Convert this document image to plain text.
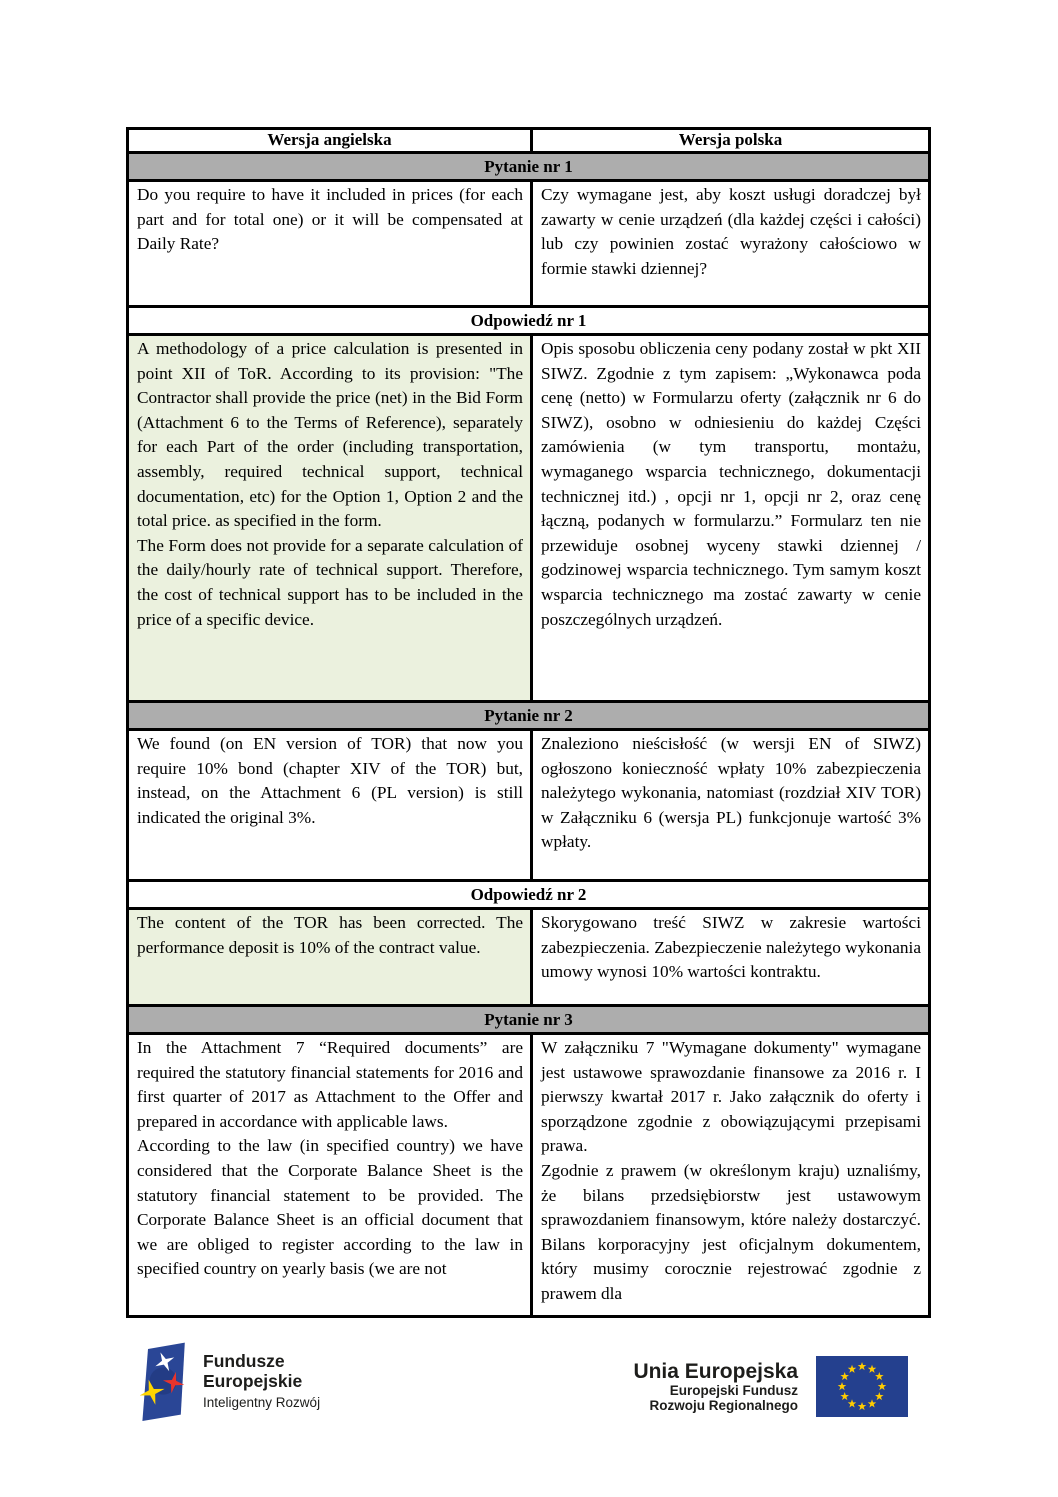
Wersja angielska	Wersja polska
Pytanie nr 1

Do you require to have it included in prices (for each part and for total one) or it will be compensated at Daily Rate?

Czy wymagane jest, aby koszt usługi doradczej był zawarty w cenie urządzeń (dla każdej części i całości) lub czy powinien zostać wyrażony całościowo w formie stawki dziennej?

Odpowiedź nr 1

A methodology of a price calculation is presented in point XII of ToR. According to its provision: "The Contractor shall provide the price (net) in the Bid Form (Attachment 6 to the Terms of Reference), separately for each Part of the order (including transportation, assembly, required technical support, technical documentation, etc) for the Option 1, Option 2 and the total price. as specified in the form.

The Form does not provide for a separate calculation of the daily/hourly rate of technical support. Therefore, the cost of technical support has to be included in the price of a specific device.

Opis sposobu obliczenia ceny podany został w pkt XII SIWZ. Zgodnie z tym zapisem: „Wykonawca poda cenę (netto) w Formularzu oferty (załącznik nr 6 do SIWZ), osobno w odniesieniu do każdej Części zamówienia (w tym transportu, montażu, wymaganego wsparcia technicznego, dokumentacji technicznej itd.) , opcji nr 1, opcji nr 2, oraz cenę łączną, podanych w formularzu.” Formularz ten nie przewiduje osobnej wyceny stawki dziennej / godzinowej wsparcia technicznego. Tym samym koszt wsparcia technicznego ma zostać zawarty w cenie poszczególnych urządzeń.

Pytanie nr 2

We found (on EN version of TOR) that now you require 10% bond (chapter XIV of the TOR) but, instead, on the Attachment 6 (PL version) is still indicated the original 3%.

Znaleziono nieścisłość (w wersji EN of SIWZ) ogłoszono konieczność wpłaty 10% zabezpieczenia należytego wykonania, natomiast (rozdział XIV TOR) w Załączniku 6 (wersja PL) funkcjonuje wartość 3% wpłaty.

Odpowiedź nr 2

The content of the TOR has been corrected. The performance deposit is 10% of the contract value.

Skorygowano treść SIWZ w zakresie wartości zabezpieczenia. Zabezpieczenie należytego wykonania umowy wynosi 10% wartości kontraktu.

Pytanie nr 3

In the Attachment 7 “Required documents” are required the statutory financial statements for 2016 and first quarter of 2017 as Attachment to the Offer and prepared in accordance with applicable laws.

According to the law (in specified country) we have considered that the Corporate Balance Sheet is the statutory financial statement to be provided. The Corporate Balance Sheet is an official document that we are obliged to register according to the law in specified country on yearly basis (we are not

W załączniku 7 "Wymagane dokumenty" wymagane jest ustawowe sprawozdanie finansowe za 2016 r. I pierwszy kwartał 2017 r. Jako załącznik do oferty i sporządzone zgodnie z obowiązującymi przepisami prawa.

Zgodnie z prawem (w określonym kraju) uznaliśmy, że bilans przedsiębiorstw jest ustawowym sprawozdaniem finansowym, które należy dostarczyć. Bilans korporacyjny jest oficjalnym dokumentem, który musimy corocznie rejestrować zgodnie z prawem dla

Fundusze
Europejskie
Inteligentny Rozwój
Unia Europejska
Europejski Fundusz
Rozwoju Regionalnego
